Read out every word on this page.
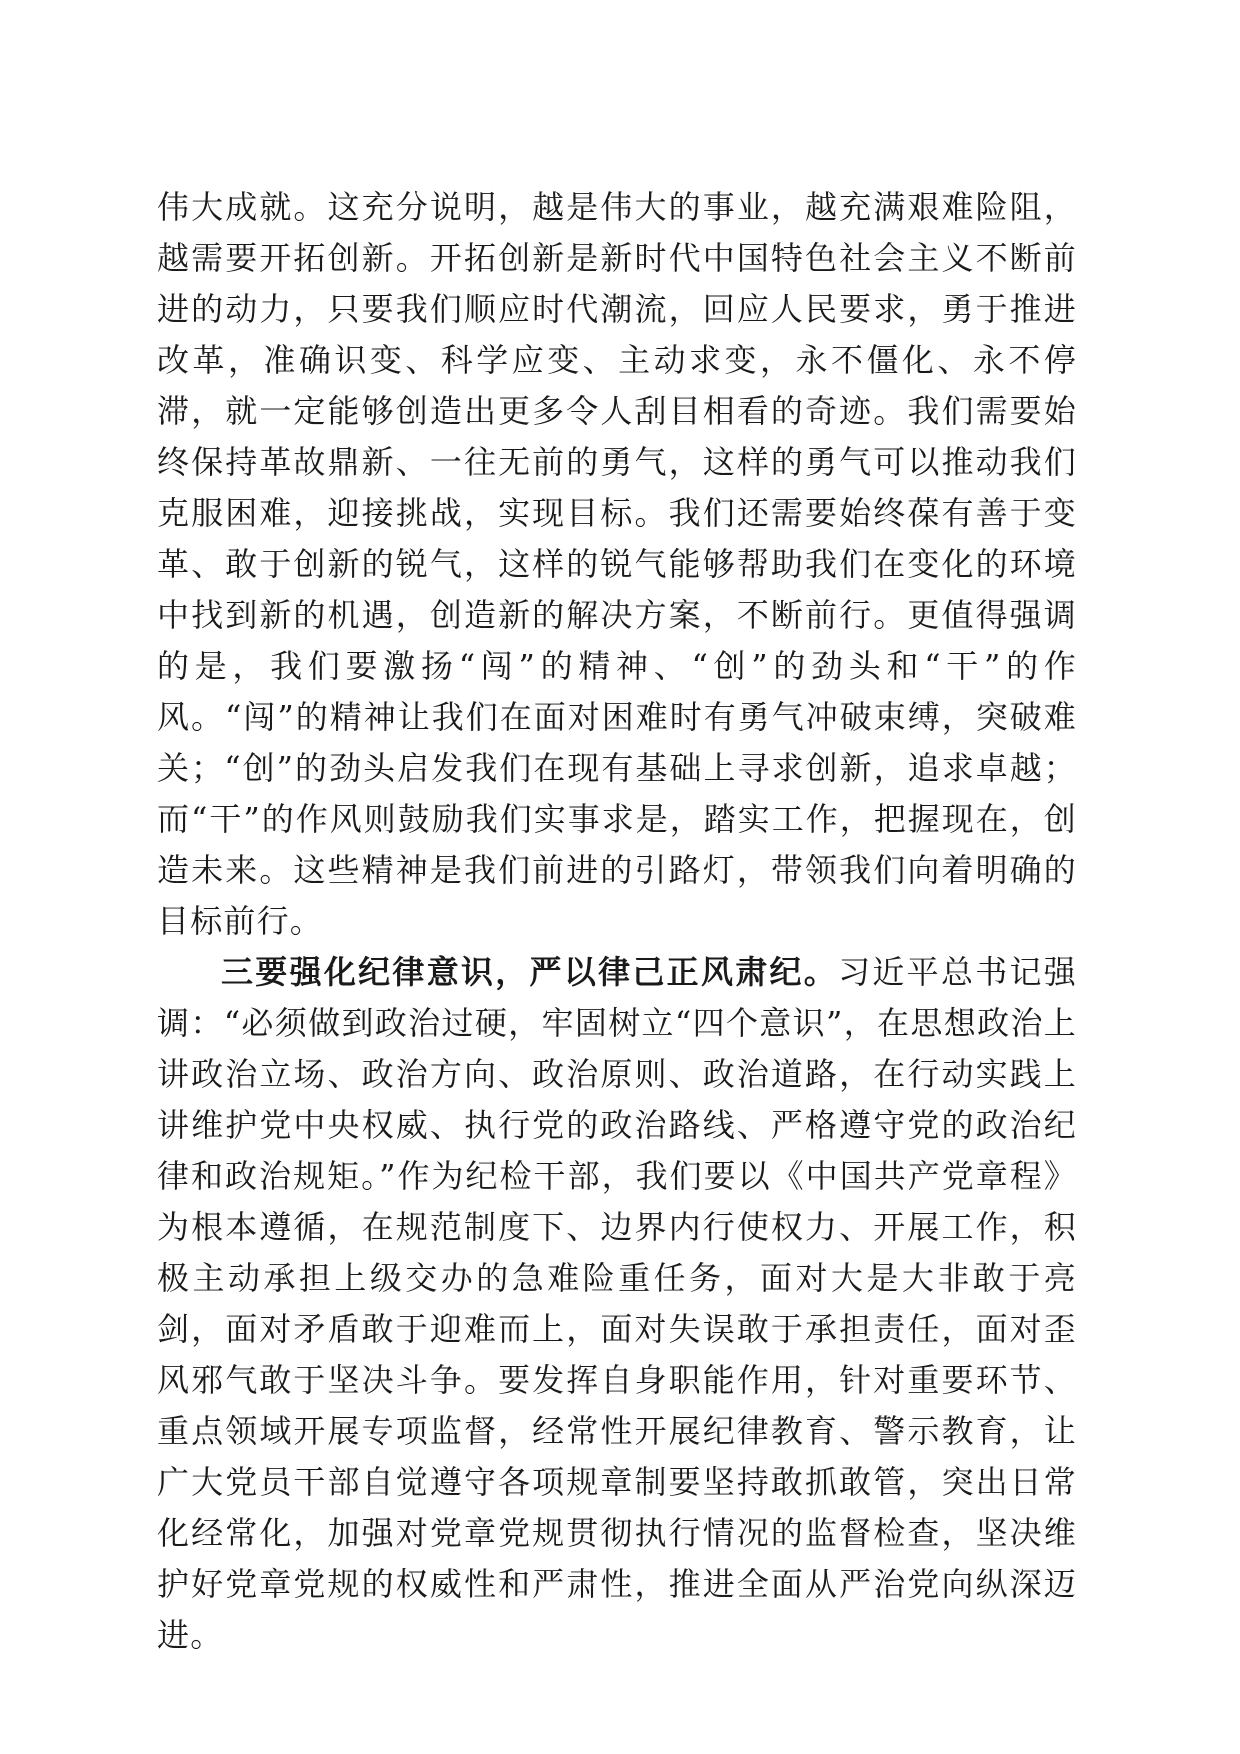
伟大成就。这充分说明，越是伟大的事业，越充满艰难险阻，越需要开拓创新。开拓创新是新时代中国特色社会主义不断前进的动力，只要我们顺应时代潮流，回应人民要求，勇于推进改革，准确识变、科学应变、主动求变，永不僵化、永不停滞，就一定能够创造出更多令人刮目相看的奇迹。我们需要始终保持革故鼎新、一往无前的勇气，这样的勇气可以推动我们克服困难，迎接挑战，实现目标。我们还需要始终葆有善于变革、敢于创新的锐气，这样的锐气能够帮助我们在变化的环境中找到新的机遇，创造新的解决方案，不断前行。更值得强调的是，我们要激扬“闯”的精神、“创”的劲头和“干”的作风。“闯”的精神让我们在面对困难时有勇气冲破束缚，突破难关；“创”的劲头启发我们在现有基础上寻求创新，追求卓越；而“干”的作风则鼓励我们实事求是，踏实工作，把握现在，创造未来。这些精神是我们前进的引路灯，带领我们向着明确的目标前行。

三要强化纪律意识，严以律己正风肃纪。习近平总书记强调：“必须做到政治过硬，牢固树立“四个意识”，在思想政治上讲政治立场、政治方向、政治原则、政治道路，在行动实践上讲维护党中央权威、执行党的政治路线、严格遵守党的政治纪律和政治规矩。”作为纪检干部，我们要以《中国共产党章程》为根本遵循，在规范制度下、边界内行使权力、开展工作，积极主动承担上级交办的急难险重任务，面对大是大非敢于亮剑，面对矛盾敢于迎难而上，面对失误敢于承担责任，面对歪风邪气敢于坚决斗争。要发挥自身职能作用，针对重要环节、重点领域开展专项监督，经常性开展纪律教育、警示教育，让广大党员干部自觉遵守各项规章制要坚持敢抓敢管，突出日常化经常化，加强对党章党规贯彻执行情况的监督检查，坚决维护好党章党规的权威性和严肃性，推进全面从严治党向纵深迈进。
